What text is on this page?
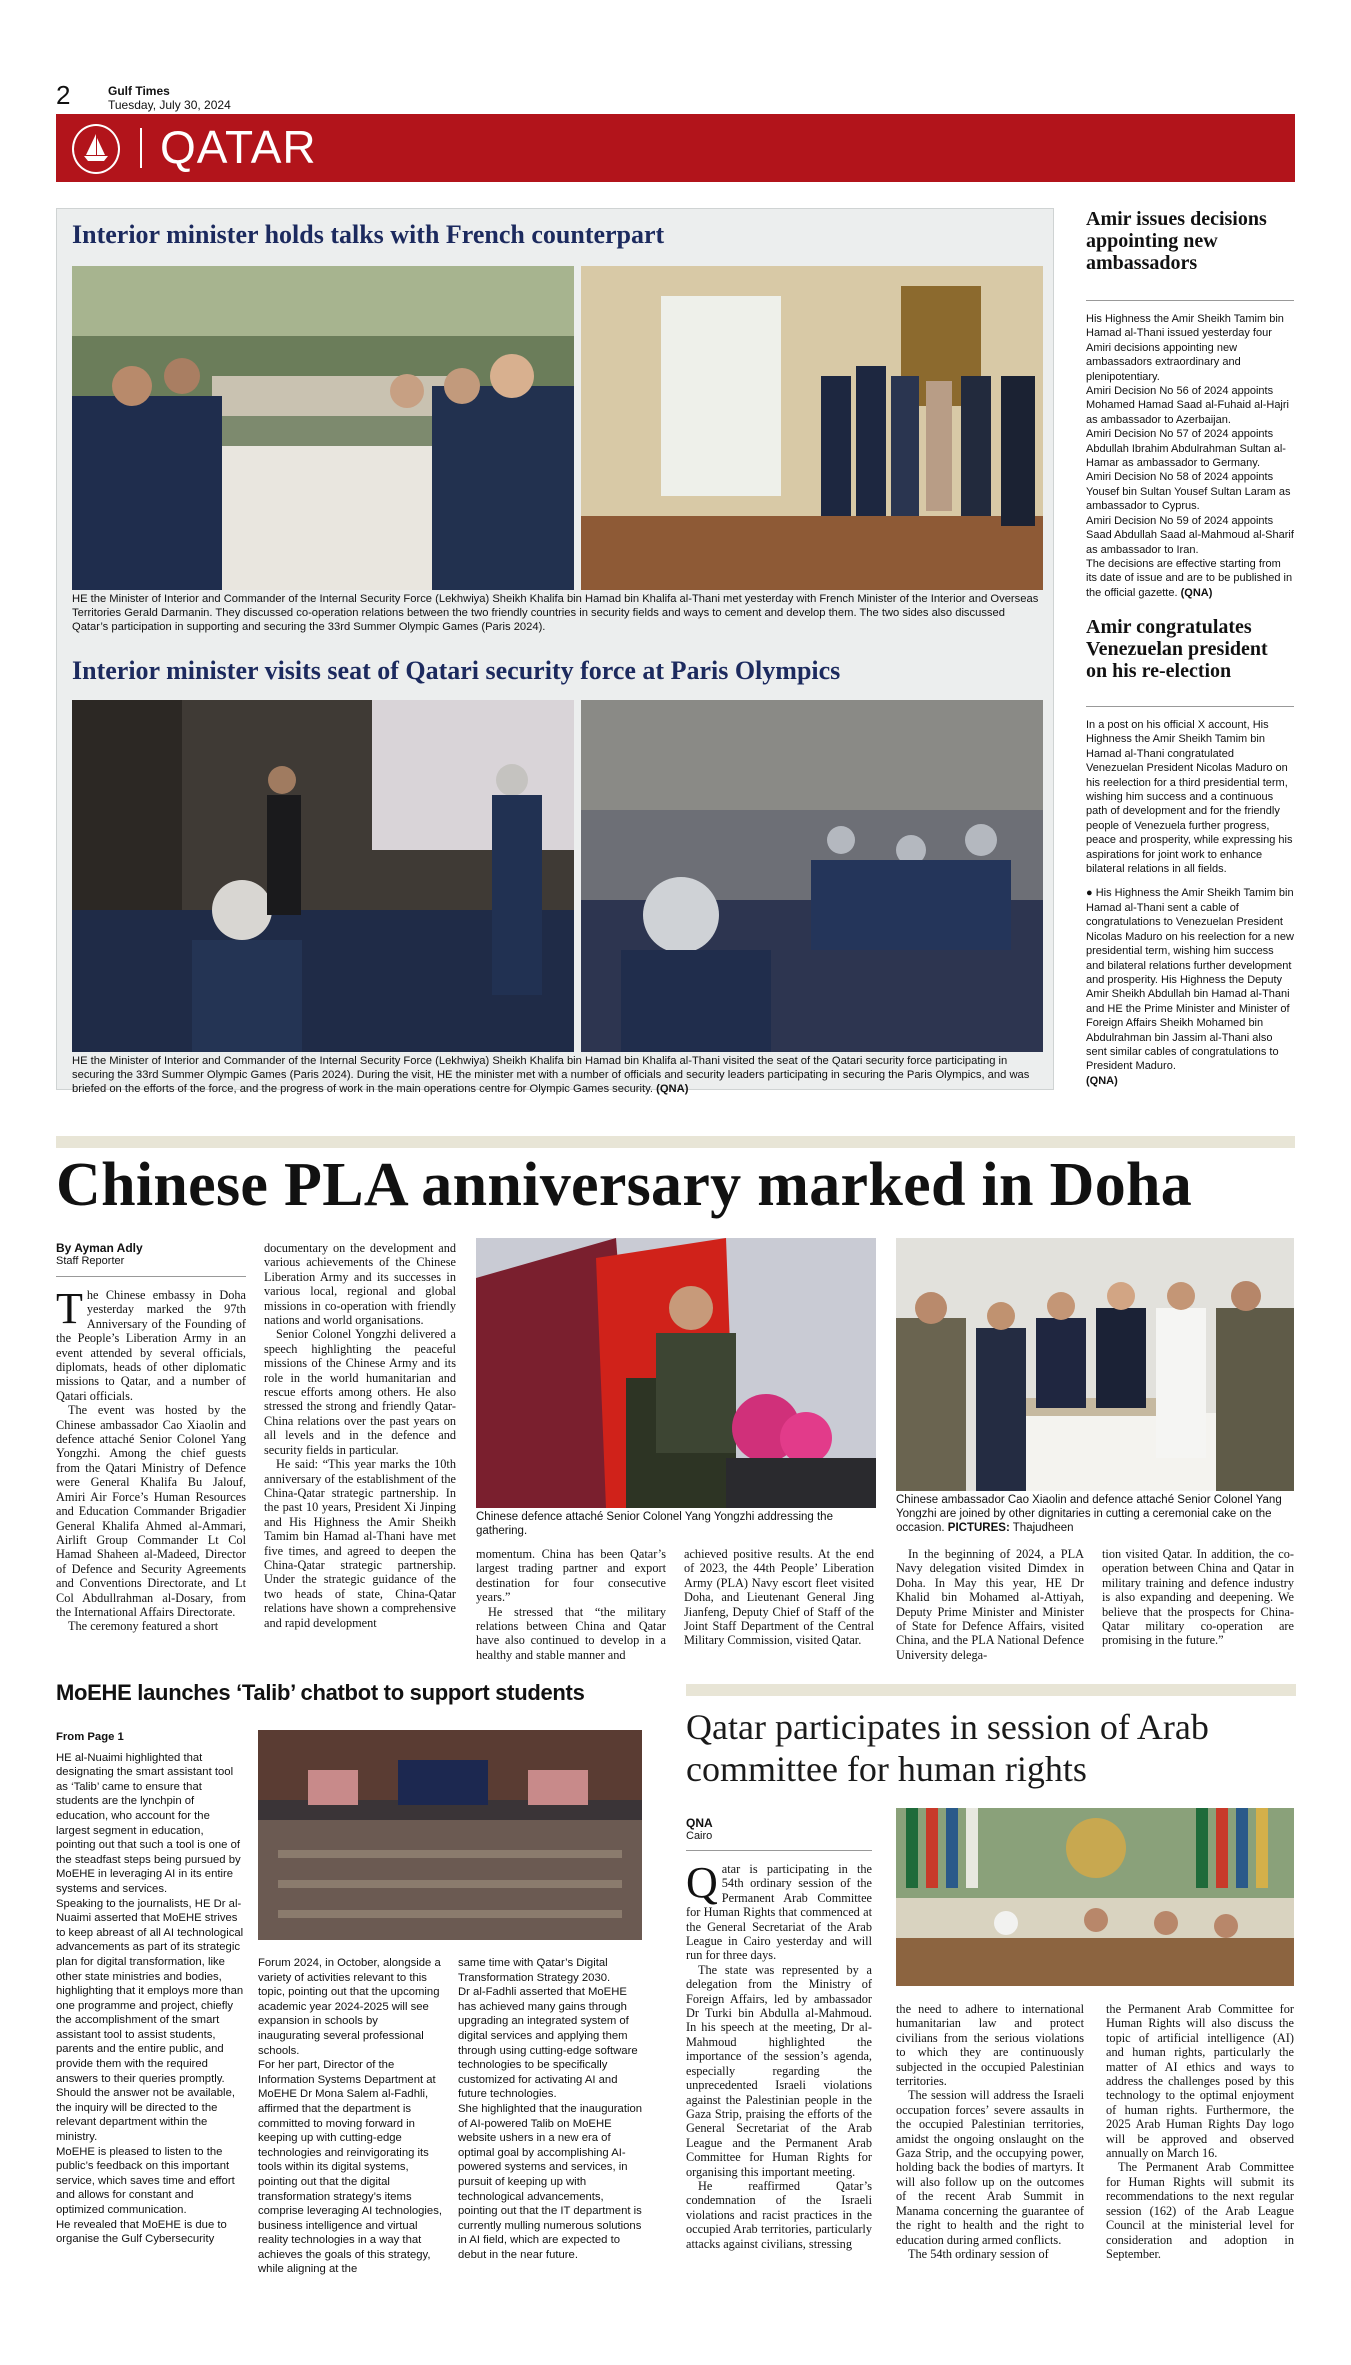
2	Gulf Times
Tuesday, July 30, 2024
QATAR
Interior minister holds talks with French counterpart
HE the Minister of Interior and Commander of the Internal Security Force (Lekhwiya) Sheikh Khalifa bin Hamad bin Khalifa al-Thani met yesterday with French Minister of the Interior and Overseas Territories Gerald Darmanin. They discussed co-operation relations between the two friendly countries in security fields and ways to cement and develop them. The two sides also discussed Qatar’s participation in supporting and securing the 33rd Summer Olympic Games (Paris 2024).
Interior minister visits seat of Qatari security force at Paris Olympics
HE the Minister of Interior and Commander of the Internal Security Force (Lekhwiya) Sheikh Khalifa bin Hamad bin Khalifa al-Thani visited the seat of the Qatari security force participating in securing the 33rd Summer Olympic Games (Paris 2024). During the visit, HE the minister met with a number of officials and security leaders participating in securing the Paris Olympics, and was briefed on the efforts of the force, and the progress of work in the main operations centre for Olympic Games security. (QNA)
Amir issues decisions appointing new ambassadors

His Highness the Amir Sheikh Tamim bin Hamad al-Thani issued yesterday four Amiri decisions appointing new ambassadors extraordinary and plenipotentiary.

Amiri Decision No 56 of 2024 appoints Mohamed Hamad Saad al-Fuhaid al-Hajri as ambassador to Azerbaijan.

Amiri Decision No 57 of 2024 appoints Abdullah Ibrahim Abdulrahman Sultan al-Hamar as ambassador to Germany.

Amiri Decision No 58 of 2024 appoints Yousef bin Sultan Yousef Sultan Laram as ambassador to Cyprus.

Amiri Decision No 59 of 2024 appoints Saad Abdullah Saad al-Mahmoud al-Sharif as ambassador to Iran.

The decisions are effective starting from its date of issue and are to be published in the official gazette. (QNA)

Amir congratulates Venezuelan president on his re-election

In a post on his official X account, His Highness the Amir Sheikh Tamim bin Hamad al-Thani congratulated Venezuelan President Nicolas Maduro on his reelection for a third presidential term, wishing him success and a continuous path of development and for the friendly people of Venezuela further progress, peace and prosperity, while expressing his aspirations for joint work to enhance bilateral relations in all fields.

● His Highness the Amir Sheikh Tamim bin Hamad al-Thani sent a cable of congratulations to Venezuelan President Nicolas Maduro on his reelection for a new presidential term, wishing him success and bilateral relations further development and prosperity. His Highness the Deputy Amir Sheikh Abdullah bin Hamad al-Thani and HE the Prime Minister and Minister of Foreign Affairs Sheikh Mohamed bin Abdulrahman bin Jassim al-Thani also sent similar cables of congratulations to President Maduro.

(QNA)

Chinese PLA anniversary marked in Doha
By Ayman Adly
Staff Reporter

The Chinese embassy in Doha yesterday marked the 97th Anniversary of the Founding of the People’s Liberation Army in an event attended by several officials, diplomats, heads of other diplomatic missions to Qatar, and a number of Qatari officials.

The event was hosted by the Chinese ambassador Cao Xiaolin and defence attaché Senior Colonel Yang Yongzhi. Among the chief guests from the Qatari Ministry of Defence were General Khalifa Bu Jalouf, Amiri Air Force’s Human Resources and Education Commander Brigadier General Khalifa Ahmed al-Ammari, Airlift Group Commander Lt Col Hamad Shaheen al-Madeed, Director of Defence and Security Agreements and Conventions Directorate, and Lt Col Abdullrahman al-Dosary, from the International Affairs Directorate.

The ceremony featured a short

documentary on the development and various achievements of the Chinese Liberation Army and its successes in various local, regional and global missions in co-operation with friendly nations and world organisations.

Senior Colonel Yongzhi delivered a speech highlighting the peaceful missions of the Chinese Army and its role in the world humanitarian and rescue efforts among others. He also stressed the strong and friendly Qatar-China relations over the past years on all levels and in the defence and security fields in particular.

He said: “This year marks the 10th anniversary of the establishment of the China-Qatar strategic partnership. In the past 10 years, President Xi Jinping and His Highness the Amir Sheikh Tamim bin Hamad al-Thani have met five times, and agreed to deepen the China-Qatar strategic partnership. Under the strategic guidance of the two heads of state, China-Qatar relations have shown a comprehensive and rapid development

Chinese defence attaché Senior Colonel Yang Yongzhi addressing the gathering.
Chinese ambassador Cao Xiaolin and defence attaché Senior Colonel Yang Yongzhi are joined by other dignitaries in cutting a ceremonial cake on the occasion. PICTURES: Thajudheen

momentum. China has been Qatar’s largest trading partner and export destination for four consecutive years.”

He stressed that “the military relations between China and Qatar have also continued to develop in a healthy and stable manner and

achieved positive results. At the end of 2023, the 44th People’ Liberation Army (PLA) Navy escort fleet visited Doha, and Lieutenant General Jing Jianfeng, Deputy Chief of Staff of the Joint Staff Department of the Central Military Commission, visited Qatar.
In the beginning of 2024, a PLA Navy delegation visited Dimdex in Doha. In May this year, HE Dr Khalid bin Mohamed al-Attiyah, Deputy Prime Minister and Minister of State for Defence Affairs, visited China, and the PLA National Defence University delega-
tion visited Qatar. In addition, the co-operation between China and Qatar in military training and defence industry is also expanding and deepening. We believe that the prospects for China-Qatar military co-operation are promising in the future.”
MoEHE launches ‘Talib’ chatbot to support students

From Page 1

HE al-Nuaimi highlighted that designating the smart assistant tool as ‘Talib’ came to ensure that students are the lynchpin of education, who account for the largest segment in education, pointing out that such a tool is one of the steadfast steps being pursued by MoEHE in leveraging AI in its entire systems and services.

Speaking to the journalists, HE Dr al-Nuaimi asserted that MoEHE strives to keep abreast of all AI technological advancements as part of its strategic plan for digital transformation, like other state ministries and bodies, highlighting that it employs more than one programme and project, chiefly the accomplishment of the smart assistant tool to assist students, parents and the entire public, and provide them with the required answers to their queries promptly.

Should the answer not be available, the inquiry will be directed to the relevant department within the ministry.

MoEHE is pleased to listen to the public’s feedback on this important service, which saves time and effort and allows for constant and optimized communication.

He revealed that MoEHE is due to organise the Gulf Cybersecurity

Forum 2024, in October, alongside a variety of activities relevant to this topic, pointing out that the upcoming academic year 2024-2025 will see expansion in schools by inaugurating several professional schools.

For her part, Director of the Information Systems Department at MoEHE Dr Mona Salem al-Fadhli, affirmed that the department is committed to moving forward in keeping up with cutting-edge technologies and reinvigorating its tools within its digital systems, pointing out that the digital transformation strategy’s items comprise leveraging AI technologies, business intelligence and virtual reality technologies in a way that achieves the goals of this strategy, while aligning at the

same time with Qatar’s Digital Transformation Strategy 2030.

Dr al-Fadhli asserted that MoEHE has achieved many gains through upgrading an integrated system of digital services and applying them through using cutting-edge software technologies to be specifically customized for activating AI and future technologies.

She highlighted that the inauguration of AI-powered Talib on MoEHE website ushers in a new era of optimal goal by accomplishing AI-powered systems and services, in pursuit of keeping up with technological advancements, pointing out that the IT department is currently mulling numerous solutions in AI field, which are expected to debut in the near future.

Qatar participates in session of Arab committee for human rights
QNA
Cairo

Qatar is participating in the 54th ordinary session of the Permanent Arab Committee for Human Rights that commenced at the General Secretariat of the Arab League in Cairo yesterday and will run for three days.

The state was represented by a delegation from the Ministry of Foreign Affairs, led by ambassador Dr Turki bin Abdulla al-Mahmoud. In his speech at the meeting, Dr al-Mahmoud highlighted the importance of the session’s agenda, especially regarding the unprecedented Israeli violations against the Palestinian people in the Gaza Strip, praising the efforts of the General Secretariat of the Arab League and the Permanent Arab Committee for Human Rights for organising this important meeting.

He reaffirmed Qatar’s condemnation of the Israeli violations and racist practices in the occupied Arab territories, particularly attacks against civilians, stressing

the need to adhere to international humanitarian law and protect civilians from the serious violations to which they are continuously subjected in the occupied Palestinian territories.

The session will address the Israeli occupation forces’ severe assaults in the occupied Palestinian territories, amidst the ongoing onslaught on the Gaza Strip, and the occupying power, holding back the bodies of martyrs. It will also follow up on the outcomes of the recent Arab Summit in Manama concerning the guarantee of the right to health and the right to education during armed conflicts.

The 54th ordinary session of

the Permanent Arab Committee for Human Rights will also discuss the topic of artificial intelligence (AI) and human rights, particularly the matter of AI ethics and ways to address the challenges posed by this technology to the optimal enjoyment of human rights. Furthermore, the 2025 Arab Human Rights Day logo will be approved and observed annually on March 16.

The Permanent Arab Committee for Human Rights will submit its recommendations to the next regular session (162) of the Arab League Council at the ministerial level for consideration and adoption in September.
